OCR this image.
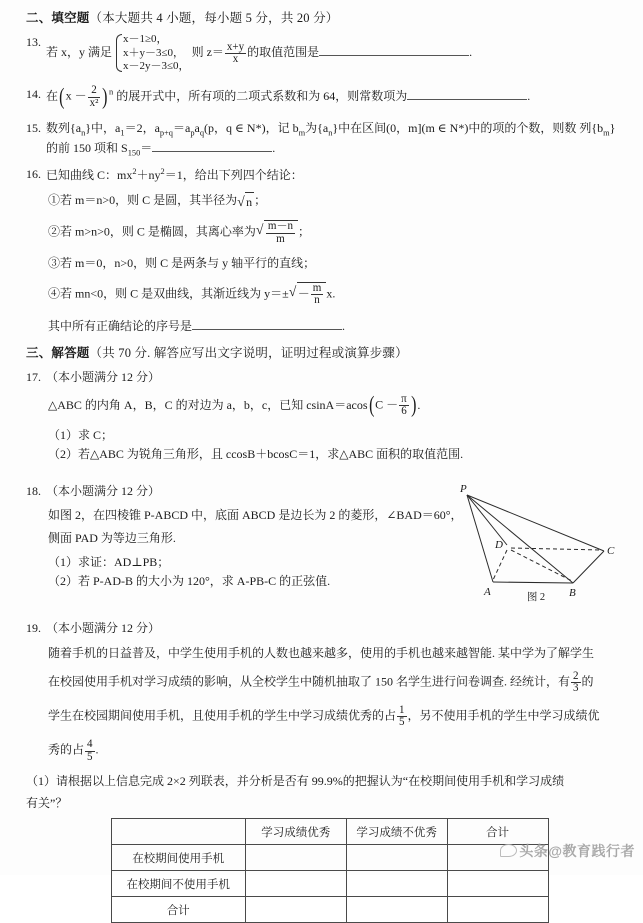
二、填空题（本大题共 4 小题，每小题 5 分，共 20 分）
13.若 x，y 满足
x－1≥0，
x＋y－3≤0，
x－2y－3≤0，
则 $z= \frac{x+y}{x}$ 的取值范围是	.
14. 在$(x - \frac{2}{\text{x²}} )^n$ 的展开式中，所有项的二项式系数和为 64，则常数项为	.
15. 数列$\{a_n\}$中，$a_1=2$，$a_{p+q}=a_pa_q(p$，q ∈ N*)，记 $b_m$为$\{a_n\}$中在区间(0，m](m ∈ N*)中的项的个数，则数 列$\{b_m\}$的前 150 项和 $S_{150}=$	.
16. 已知曲线 C：$mx^2+ny^2=1$，给出下列四个结论：
①若 m＝n>0，则 C 是圆，其半径为 √ n ；
②若 m>n>0，则 C 是椭圆，其离心率为 √ $\frac{m-n}{m}$ ；
③若 m＝0，n>0，则 C 是两条与 y 轴平行的直线；
④若 mn<0，则 C 是双曲线，其渐近线为 y＝± √ － $\frac{m}{n} x$.
其中所有正确结论的序号是	.
三、解答题（共 70 分. 解答应写出文字说明，证明过程或演算步骤）
17. （本小题满分 12 分）
△ABC 的内角 A，B，C 的对边为 a，b，c，已知 $csinA=acos(C - \frac{\pi}{6}$ ).
（1）求 C；
（2）若△ABC 为锐角三角形，且 ccosB＋bcosC＝1，求△ABC 面积的取值范围.
P
A	B
C
D
图 2
18. （本小题满分 12 分）
如图 2，在四棱锥 P-ABCD 中，底面 ABCD 是边长为 2 的菱形，∠BAD＝60°，
侧面 PAD 为等边三角形.
（1）求证：AD⊥PB；
（2）若 P-AD-B 的大小为 120°，求 A-PB-C 的正弦值.
19. （本小题满分 12 分）
随着手机的日益普及，中学生使用手机的人数也越来越多，使用的手机也越来越智能. 某中学为了解学生
在校园使用手机对学习成绩的影响，从全校学生中随机抽取了 150 名学生进行问卷调查. 经统计，有 $\frac{2}{3}$ 的
学生在校园期间使用手机，且使用手机的学生中学习成绩优秀的占 $\frac{1}{5}$ ，另不使用手机的学生中学习成绩优
秀的占 $\frac{4}{5}$ .
（1）请根据以上信息完成 2×2 列联表，并分析是否有 99.9%的把握认为“在校期间使用手机和学习成绩
有关”？
	学习成绩优秀	学习成绩不优秀	合计
在校期间使用手机			
在校期间不使用手机			
合计			
头条@教育践行者
